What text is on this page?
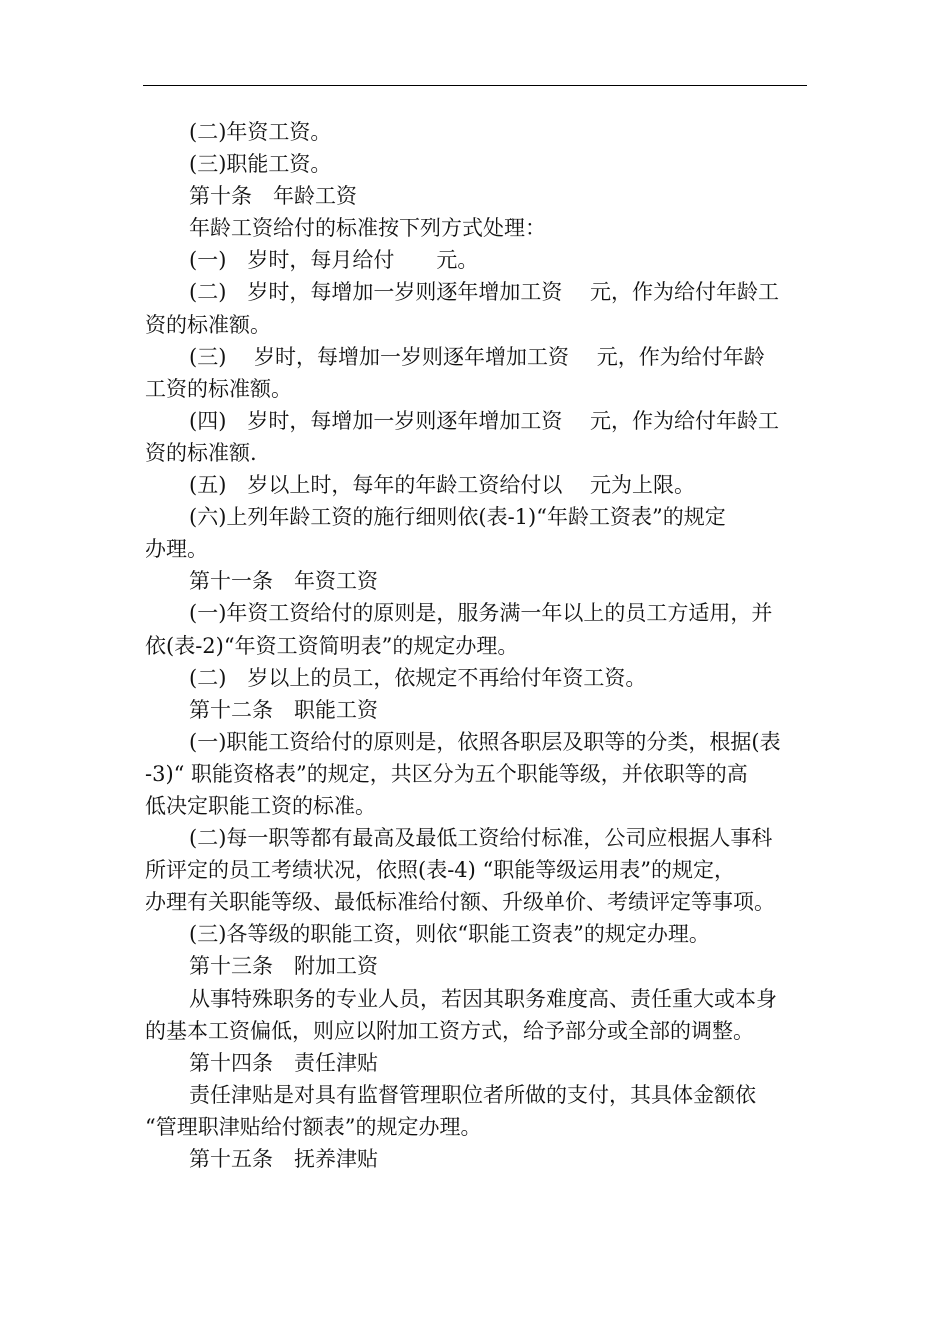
(二)年资工资。
(三)职能工资。
第十条　年龄工资
年龄工资给付的标准按下列方式处理：
(一)　岁时，每月给付　　元。
(二)　岁时，每增加一岁则逐年增加工资　 元，作为给付年龄工
资的标准额。
(三)　 岁时，每增加一岁则逐年增加工资　 元，作为给付年龄
工资的标准额。
(四)　岁时，每增加一岁则逐年增加工资　 元，作为给付年龄工
资的标准额.
(五)　岁以上时，每年的年龄工资给付以　 元为上限。
(六)上列年龄工资的施行细则依(表-1)“年龄工资表”的规定
办理。
第十一条　年资工资
(一)年资工资给付的原则是，服务满一年以上的员工方适用，并
依(表-2)“年资工资简明表”的规定办理。
(二)　岁以上的员工，依规定不再给付年资工资。
第十二条　职能工资
(一)职能工资给付的原则是，依照各职层及职等的分类，根据(表
-3)“ 职能资格表”的规定，共区分为五个职能等级，并依职等的高
低决定职能工资的标准。
(二)每一职等都有最高及最低工资给付标准，公司应根据人事科
所评定的员工考绩状况，依照(表-4) “职能等级运用表”的规定，
办理有关职能等级、最低标准给付额、升级单价、考绩评定等事项。
(三)各等级的职能工资，则依“职能工资表”的规定办理。
第十三条　附加工资
从事特殊职务的专业人员，若因其职务难度高、责任重大或本身
的基本工资偏低，则应以附加工资方式，给予部分或全部的调整。
第十四条　责任津贴
责任津贴是对具有监督管理职位者所做的支付，其具体金额依
“管理职津贴给付额表”的规定办理。
第十五条　抚养津贴
